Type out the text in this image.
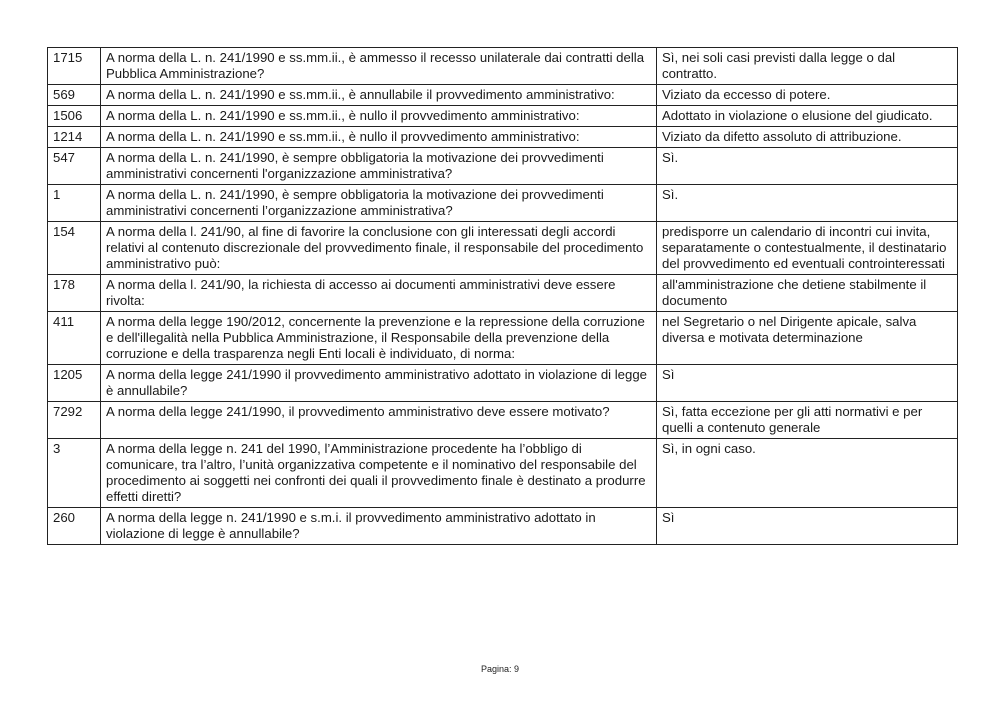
1715	A norma della L. n. 241/1990 e ss.mm.ii., è ammesso il recesso unilaterale dai contratti della Pubblica Amministrazione?	Sì, nei soli casi previsti dalla legge o dal contratto.
569	A norma della L. n. 241/1990 e ss.mm.ii., è annullabile il provvedimento amministrativo:	Viziato da eccesso di potere.
1506	A norma della L. n. 241/1990 e ss.mm.ii., è nullo il provvedimento amministrativo:	Adottato in violazione o elusione del giudicato.
1214	A norma della L. n. 241/1990 e ss.mm.ii., è nullo il provvedimento amministrativo:	Viziato da difetto assoluto di attribuzione.
547	A norma della L. n. 241/1990, è sempre obbligatoria la motivazione dei provvedimenti amministrativi concernenti l'organizzazione amministrativa?	Sì.
1	A norma della L. n. 241/1990, è sempre obbligatoria la motivazione dei provvedimenti amministrativi concernenti l’organizzazione amministrativa?	Sì.
154	A norma della l. 241/90, al fine di favorire la conclusione con gli interessati degli accordi relativi al contenuto discrezionale del provvedimento finale, il responsabile del procedimento amministrativo può:	predisporre un calendario di incontri cui invita, separatamente o contestualmente, il destinatario del provvedimento ed eventuali controinteressati
178	A norma della l. 241/90, la richiesta di accesso ai documenti amministrativi deve essere rivolta:	all'amministrazione che detiene stabilmente il documento
411	A norma della legge 190/2012, concernente la prevenzione e la repressione della corruzione e dell'illegalità nella Pubblica Amministrazione, il Responsabile della prevenzione della corruzione e della trasparenza negli Enti locali è individuato, di norma:	nel Segretario o nel Dirigente apicale, salva diversa e motivata determinazione
1205	A norma della legge 241/1990 il provvedimento amministrativo adottato in violazione di legge è annullabile?	Sì
7292	A norma della legge 241/1990, il provvedimento amministrativo deve essere motivato?	Sì, fatta eccezione per gli atti normativi e per quelli a contenuto generale
3	A norma della legge n. 241 del 1990, l’Amministrazione procedente ha l’obbligo di comunicare, tra l’altro, l’unità organizzativa competente e il nominativo del responsabile del procedimento ai soggetti nei confronti dei quali il provvedimento finale è destinato a produrre effetti diretti?	Sì, in ogni caso.
260	A norma della legge n. 241/1990 e s.m.i. il provvedimento amministrativo adottato in violazione di legge è annullabile?	Sì
Pagina: 9
